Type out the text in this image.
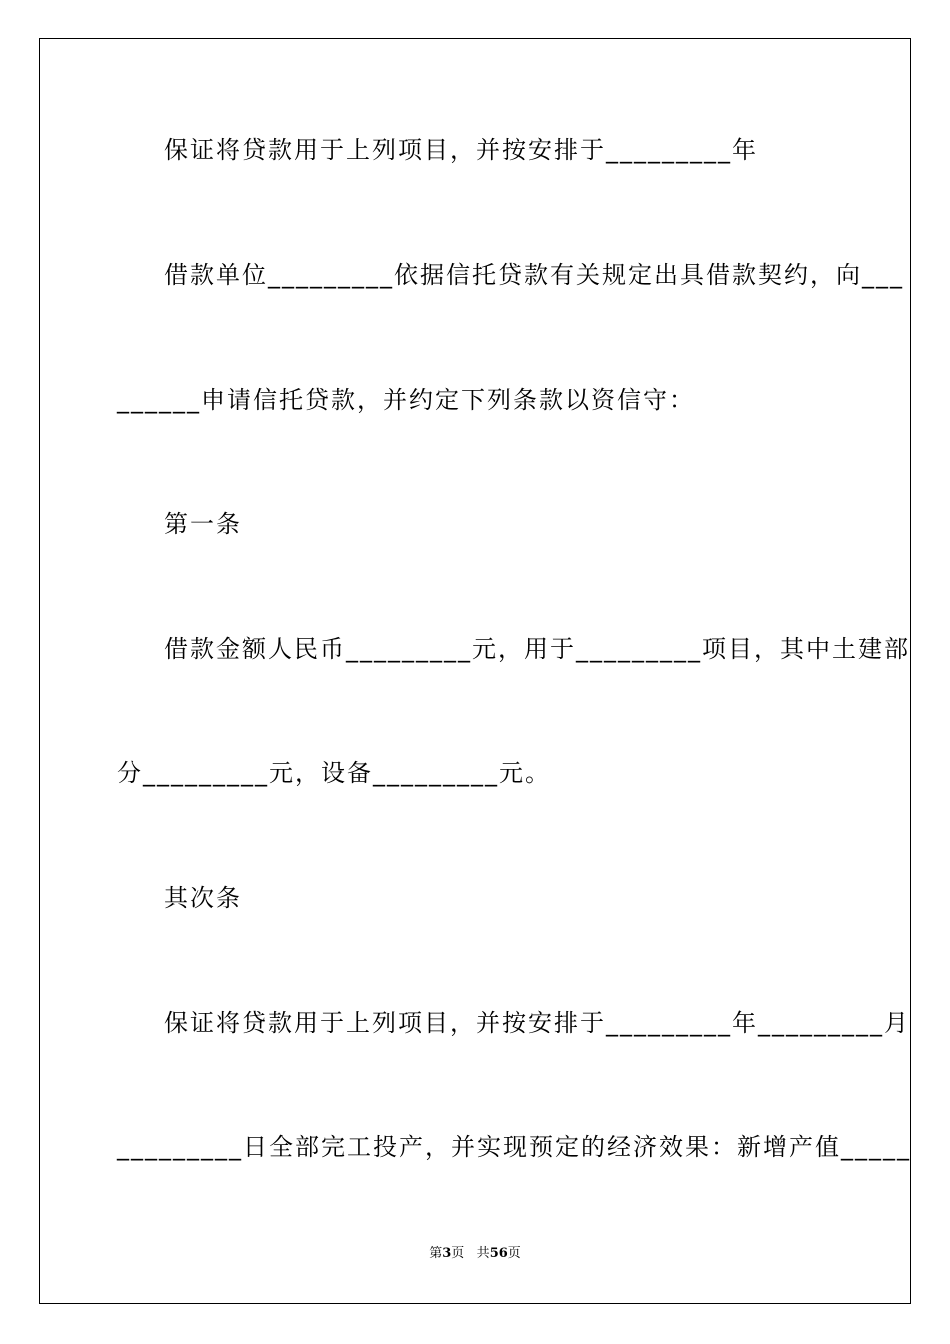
保证将贷款用于上列项目，并按安排于_________年
借款单位_________依据信托贷款有关规定出具借款契约，向___
______申请信托贷款，并约定下列条款以资信守：
第一条
借款金额人民币_________元，用于_________项目，其中土建部
分_________元，设备_________元。
其次条
保证将贷款用于上列项目，并按安排于_________年_________月
_________日全部完工投产，并实现预定的经济效果：新增产值_____
第3页 共56页
